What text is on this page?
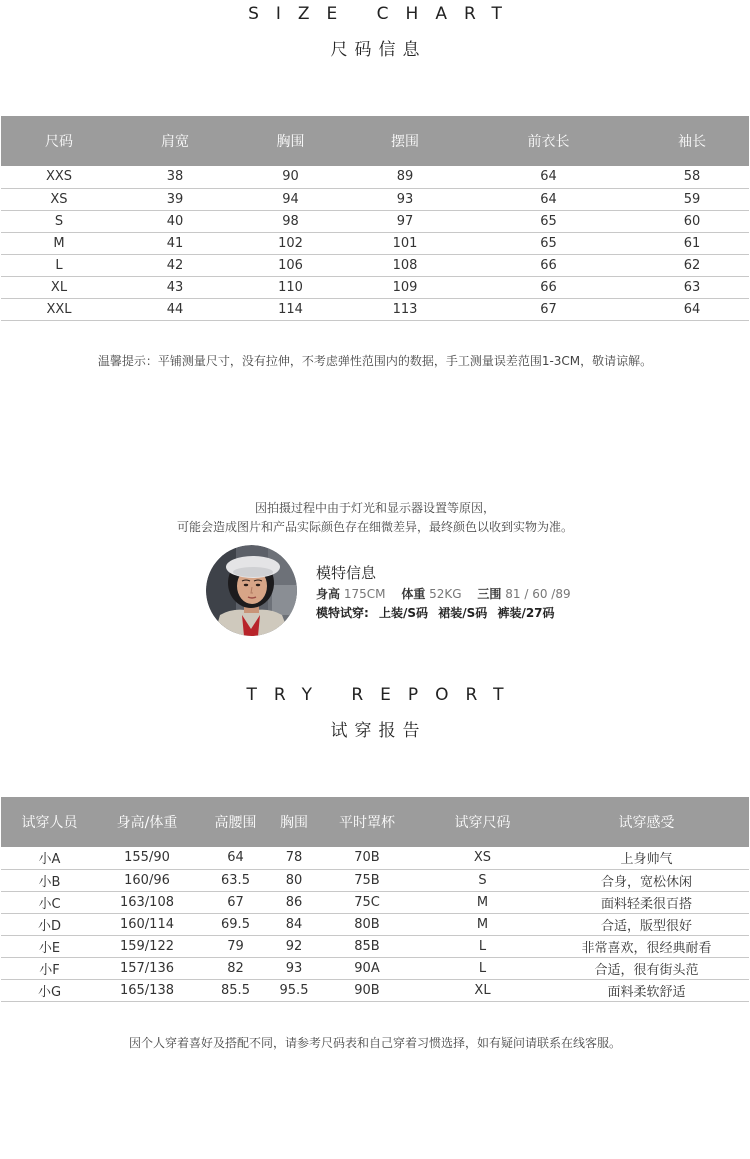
SIZE CHART
尺码信息
尺码	肩宽	胸围	摆围	前衣长	袖长
XXS	38	90	89	64	58
XS	39	94	93	64	59
S	40	98	97	65	60
M	41	102	101	65	61
L	42	106	108	66	62
XL	43	110	109	66	63
XXL	44	114	113	67	64
温馨提示：平铺测量尺寸，没有拉伸，不考虑弹性范围内的数据，手工测量误差范围1-3CM，敬请谅解。
因拍摄过程中由于灯光和显示器设置等原因，
可能会造成图片和产品实际颜色存在细微差异，最终颜色以收到实物为准。
模特信息
身高 175CM 体重 52KG 三围 81 / 60 /89
模特试穿: 上装/S码 裙装/S码 裤装/27码
TRY REPORT
试穿报告
试穿人员	身高/体重	高腰围	胸围	平时罩杯	试穿尺码	试穿感受
小A	155/90	64	78	70B	XS	上身帅气
小B	160/96	63.5	80	75B	S	合身，宽松休闲
小C	163/108	67	86	75C	M	面料轻柔很百搭
小D	160/114	69.5	84	80B	M	合适，版型很好
小E	159/122	79	92	85B	L	非常喜欢，很经典耐看
小F	157/136	82	93	90A	L	合适，很有街头范
小G	165/138	85.5	95.5	90B	XL	面料柔软舒适
因个人穿着喜好及搭配不同，请参考尺码表和自己穿着习惯选择，如有疑问请联系在线客服。
